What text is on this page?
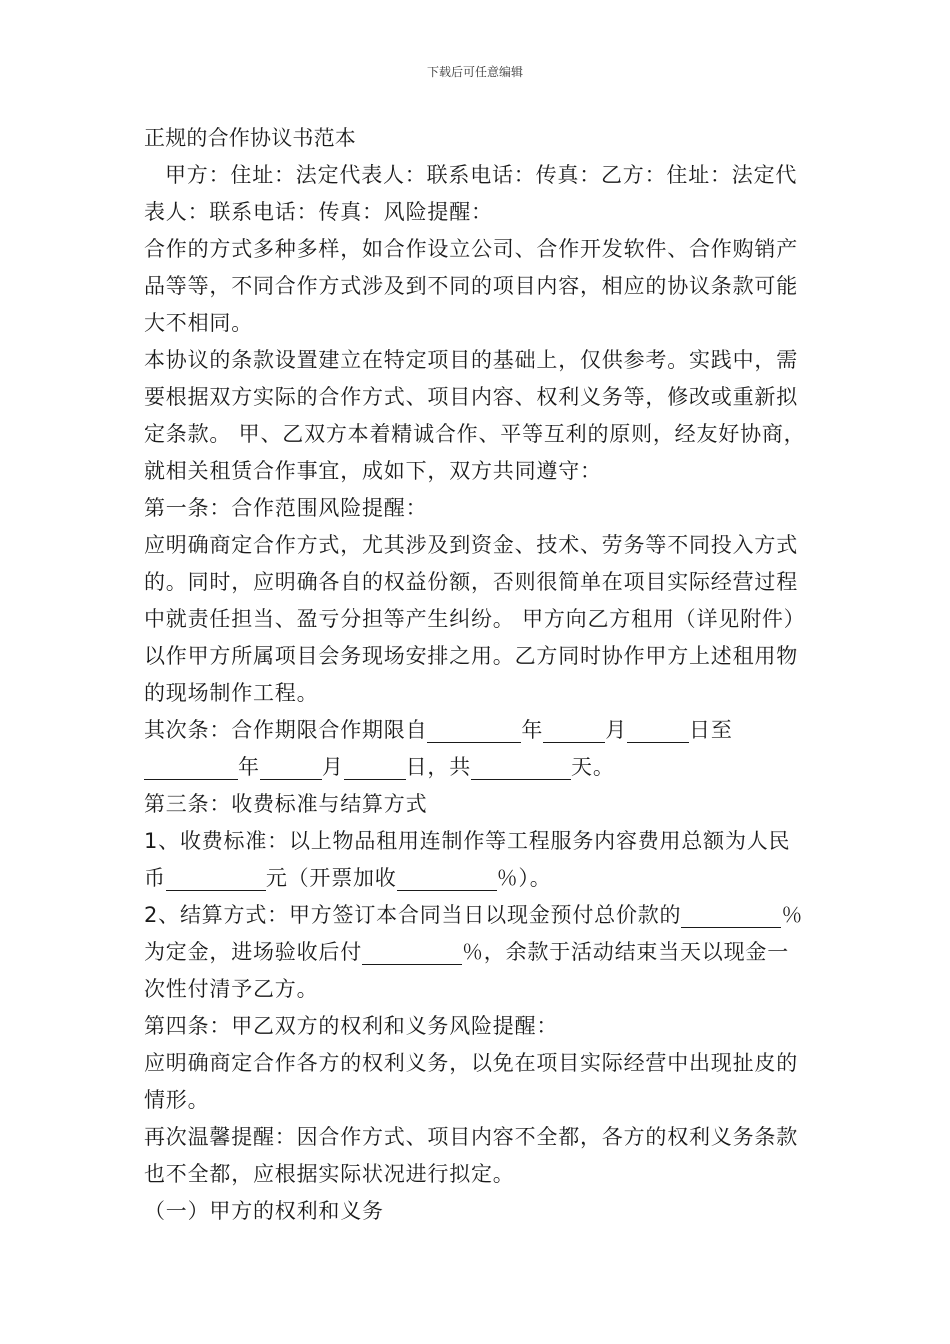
下载后可任意编辑

正规的合作协议书范本

甲方：住址：法定代表人：联系电话：传真：乙方：住址：法定代表人：联系电话：传真：风险提醒：

合作的方式多种多样，如合作设立公司、合作开发软件、合作购销产品等等，不同合作方式涉及到不同的项目内容，相应的协议条款可能大不相同。

本协议的条款设置建立在特定项目的基础上，仅供参考。实践中，需要根据双方实际的合作方式、项目内容、权利义务等，修改或重新拟定条款。 甲、乙双方本着精诚合作、平等互利的原则，经友好协商，就相关租赁合作事宜，成如下，双方共同遵守：

第一条：合作范围风险提醒：

应明确商定合作方式，尤其涉及到资金、技术、劳务等不同投入方式的。同时，应明确各自的权益份额，否则很简单在项目实际经营过程中就责任担当、盈亏分担等产生纠纷。 甲方向乙方租用（详见附件）以作甲方所属项目会务现场安排之用。乙方同时协作甲方上述租用物的现场制作工程。

其次条：合作期限合作期限自	年	月	日至年	月	日，共	天。

第三条：收费标准与结算方式

1、收费标准：以上物品租用连制作等工程服务内容费用总额为人民币	元（开票加收	％）。

2、结算方式：甲方签订本合同当日以现金预付总价款的	％为定金，进场验收后付	％，余款于活动结束当天以现金一次性付清予乙方。

第四条：甲乙双方的权利和义务风险提醒：

应明确商定合作各方的权利义务，以免在项目实际经营中出现扯皮的情形。

再次温馨提醒：因合作方式、项目内容不全都，各方的权利义务条款也不全都，应根据实际状况进行拟定。

（一）甲方的权利和义务
